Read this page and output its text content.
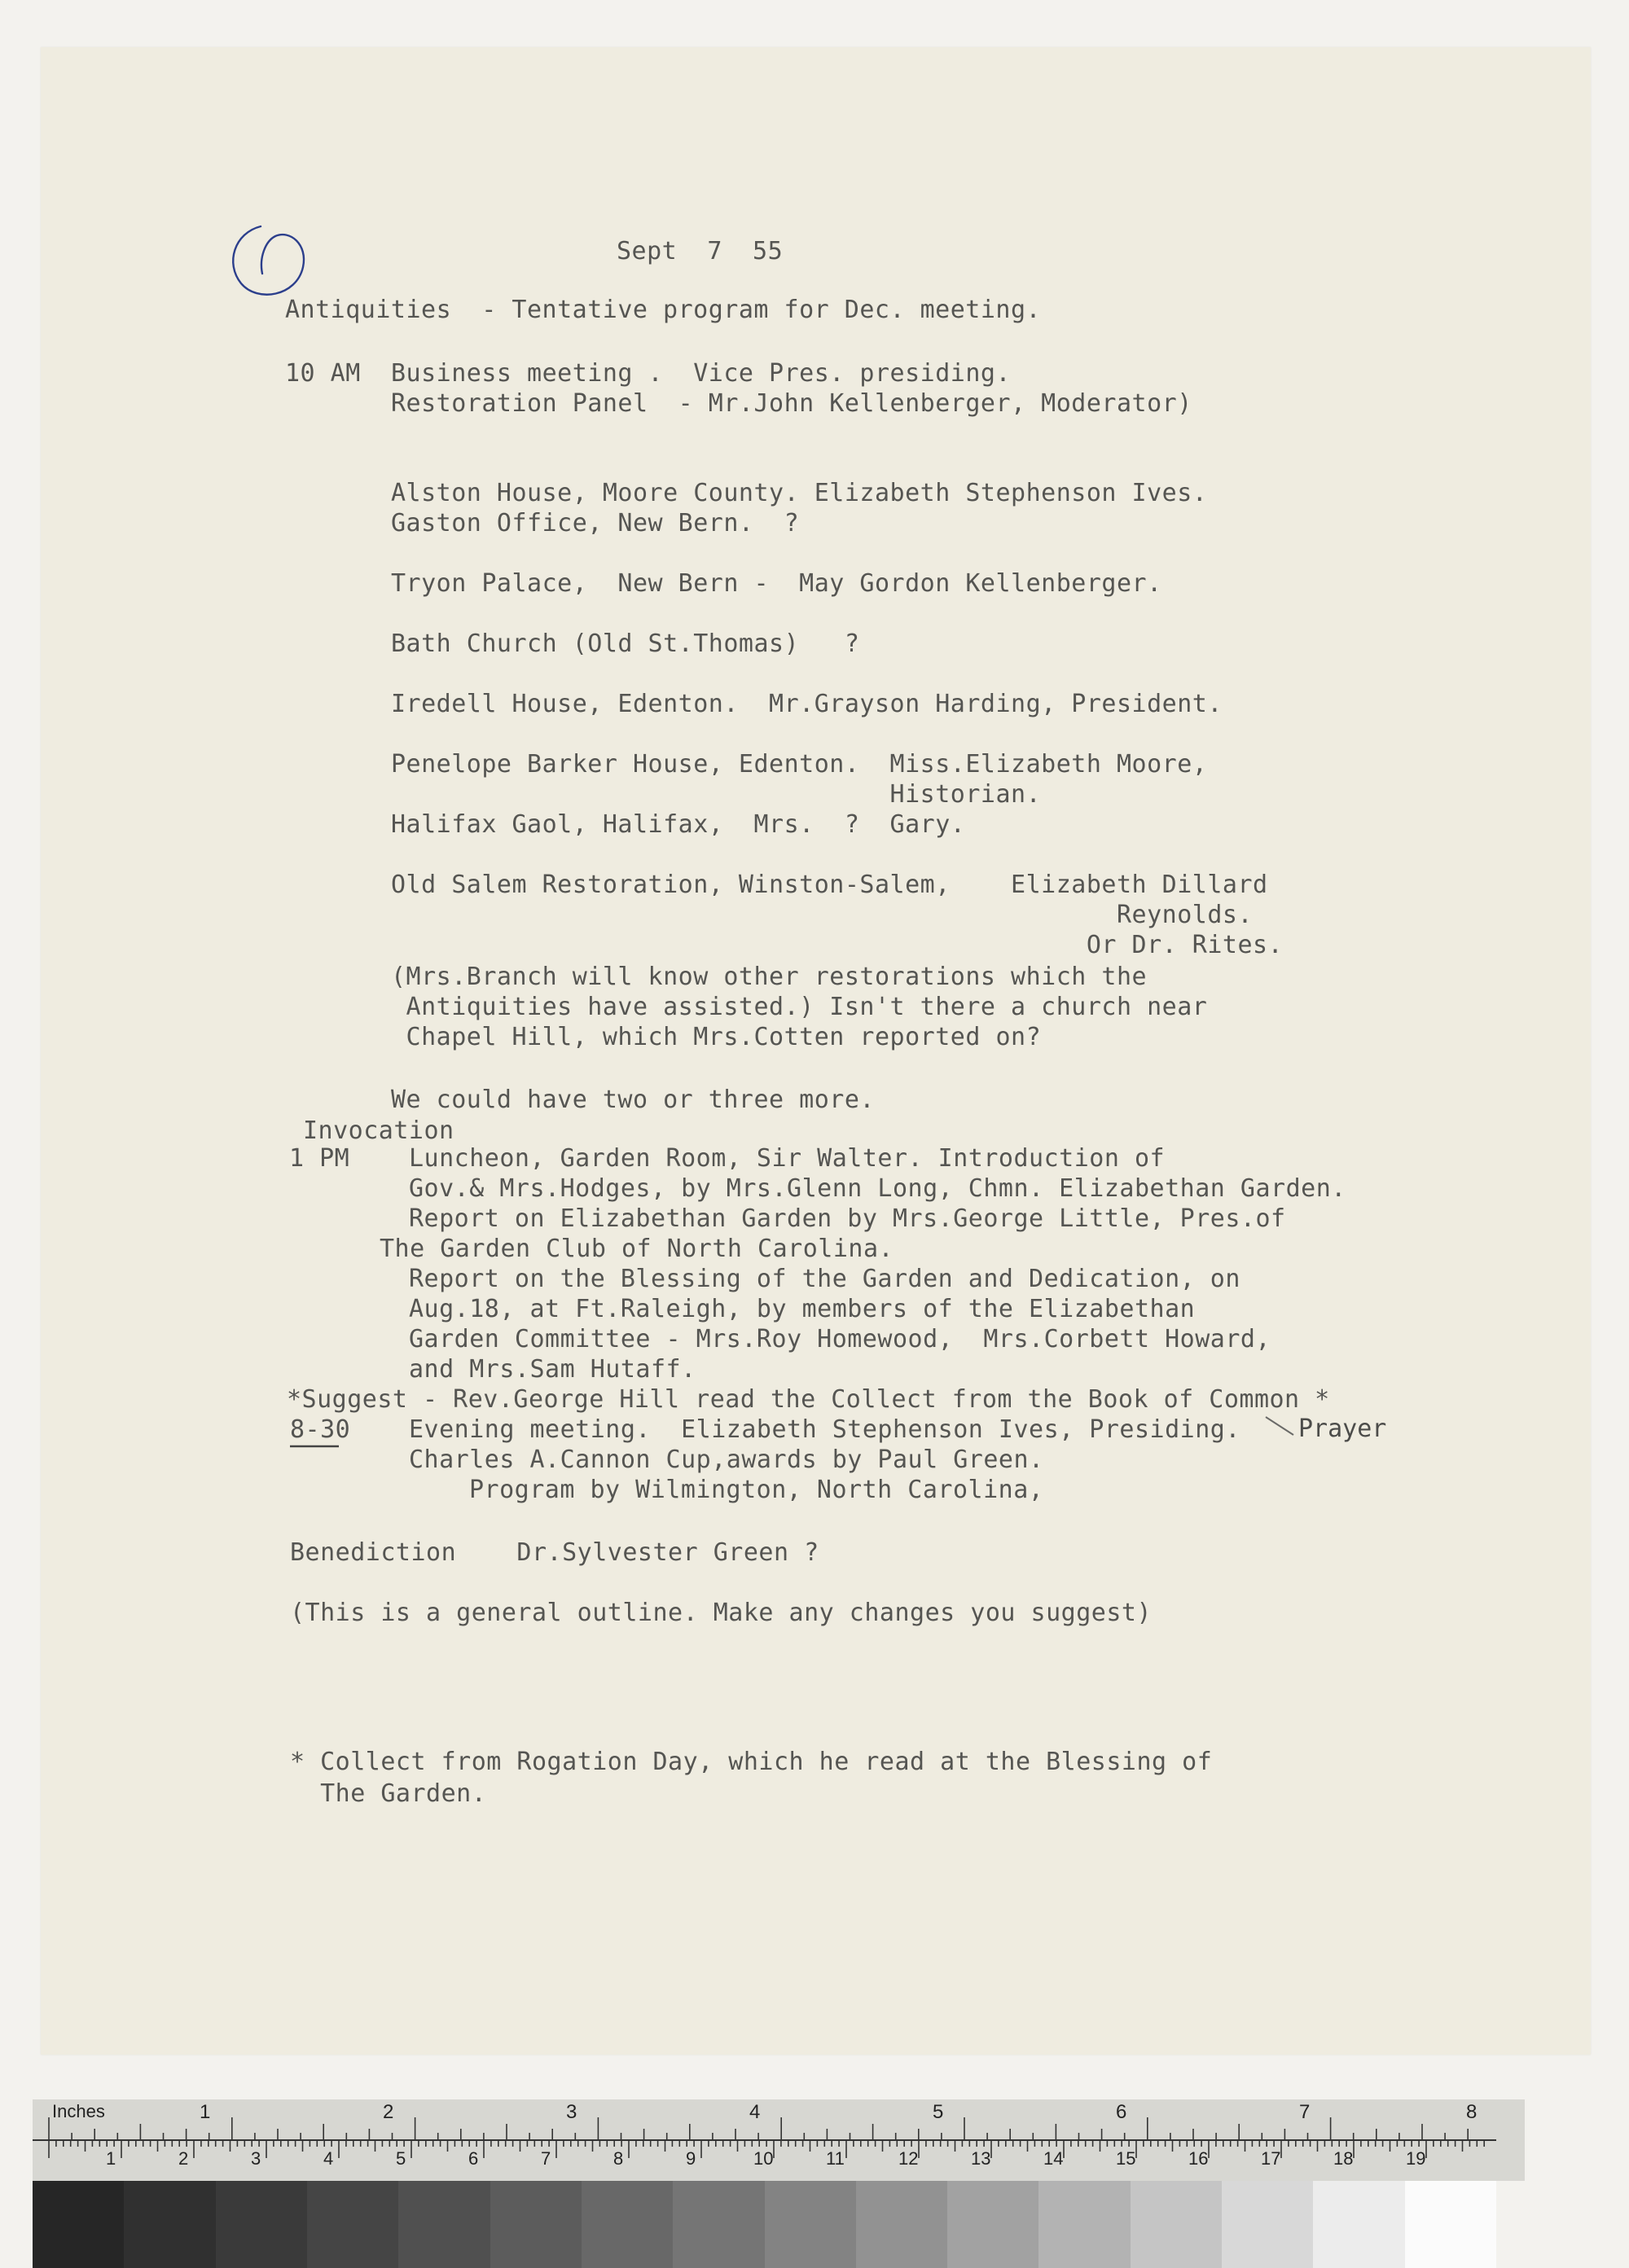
Sept  7  55
Antiquities  - Tentative program for Dec. meeting.
10 AM Business meeting .  Vice Pres. presiding.
Restoration Panel  - Mr.John Kellenberger, Moderator)
Alston House, Moore County. Elizabeth Stephenson Ives.
Gaston Office, New Bern.  ?
Tryon Palace,  New Bern -  May Gordon Kellenberger.
Bath Church (Old St.Thomas)   ?
Iredell House, Edenton.  Mr.Grayson Harding, President.
Penelope Barker House, Edenton.  Miss.Elizabeth Moore,
Historian.
Halifax Gaol, Halifax,  Mrs.  ?  Gary.
Old Salem Restoration, Winston-Salem,    Elizabeth Dillard
Reynolds.
Or Dr. Rites.
(Mrs.Branch will know other restorations which the
Antiquities have assisted.) Isn't there a church near
Chapel Hill, which Mrs.Cotten reported on?
We could have two or three more.
Invocation
1 PM Luncheon, Garden Room, Sir Walter. Introduction of
Gov.& Mrs.Hodges, by Mrs.Glenn Long, Chmn. Elizabethan Garden.
Report on Elizabethan Garden by Mrs.George Little, Pres.of
The Garden Club of North Carolina.
Report on the Blessing of the Garden and Dedication, on
Aug.18, at Ft.Raleigh, by members of the Elizabethan
Garden Committee - Mrs.Roy Homewood,  Mrs.Corbett Howard,
and Mrs.Sam Hutaff.
*Suggest - Rev.George Hill read the Collect from the Book of Common *
Prayer
8-30 Evening meeting.  Elizabeth Stephenson Ives, Presiding.
Charles A.Cannon Cup,awards by Paul Green.
Program by Wilmington, North Carolina,
Benediction    Dr.Sylvester Green ?
(This is a general outline. Make any changes you suggest)
* Collect from Rogation Day, which he read at the Blessing of
The Garden.
Inches	1	2	3	4	5	6	7	8
1	2	3	4	5	6	7	8	9	10	11	12	13	14	15	16	17	18	19
